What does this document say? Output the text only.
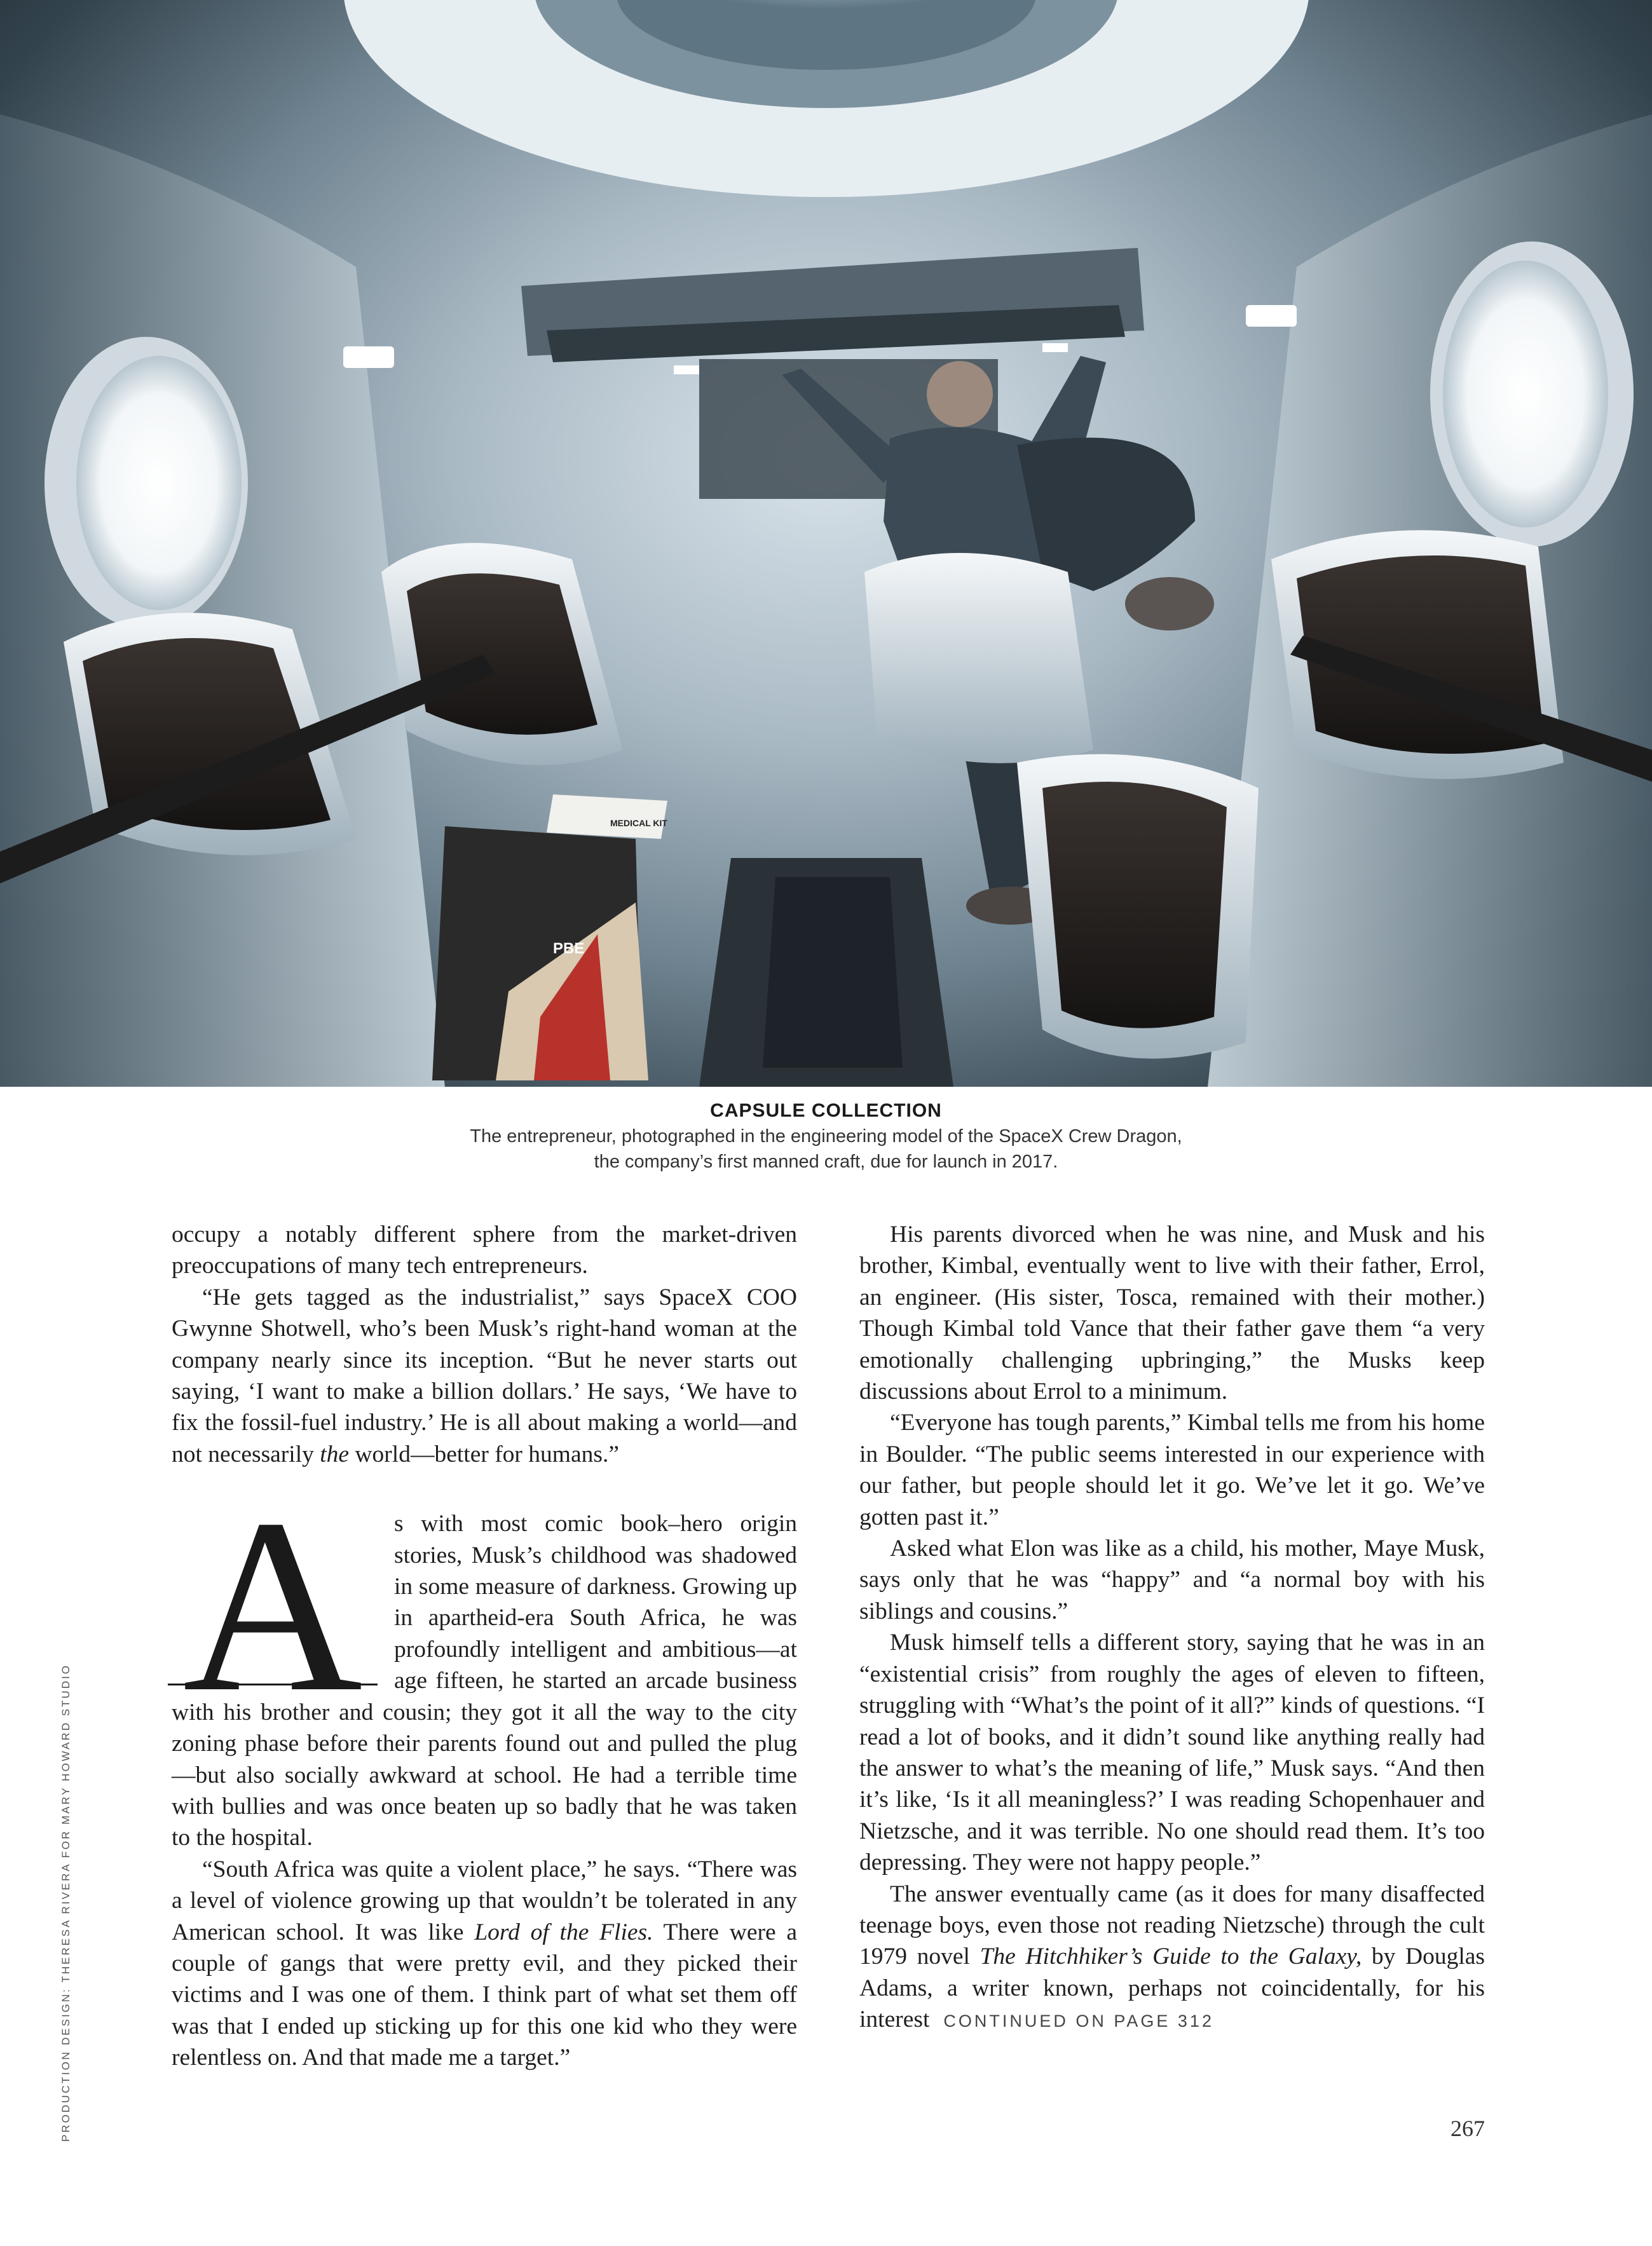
MEDICAL KIT
PBE
CAPSULE COLLECTION
The entrepreneur, photographed in the engineering model of the SpaceX Crew Dragon,
the company’s first manned craft, due for launch in 2017.

occupy a notably different sphere from the market-driven preoccupations of many tech entrepreneurs.

“He gets tagged as the industrialist,” says SpaceX COO Gwynne Shotwell, who’s been Musk’s right-hand woman at the company nearly since its inception. “But he never starts out saying, ‘I want to make a billion dollars.’ He says, ‘We have to fix the fossil-fuel industry.’ He is all about making a world—and not necessarily the world—better for humans.”

A	s with most comic book–hero origin stories, Musk’s childhood was shadowed in some measure of darkness. Growing up in apartheid-era South Africa, he was profoundly intelligent and ambitious—at age fifteen, he started an arcade business with his brother and cousin; they got it all the way to the city zoning phase before their parents found out and pulled the plug—but also socially awkward at school. He had a terrible time with bullies and was once beaten up so badly that he was taken to the hospital.

“South Africa was quite a violent place,” he says. “There was a level of violence growing up that wouldn’t be tolerated in any American school. It was like Lord of the Flies. There were a couple of gangs that were pretty evil, and they picked their victims and I was one of them. I think part of what set them off was that I ended up sticking up for this one kid who they were relentless on. And that made me a target.”

His parents divorced when he was nine, and Musk and his brother, Kimbal, eventually went to live with their father, Errol, an engineer. (His sister, Tosca, remained with their mother.) Though Kimbal told Vance that their father gave them “a very emotionally challenging upbringing,” the Musks keep discussions about Errol to a minimum.

“Everyone has tough parents,” Kimbal tells me from his home in Boulder. “The public seems interested in our experience with our father, but people should let it go. We’ve let it go. We’ve gotten past it.”

Asked what Elon was like as a child, his mother, Maye Musk, says only that he was “happy” and “a normal boy with his siblings and cousins.”

Musk himself tells a different story, saying that he was in an “existential crisis” from roughly the ages of eleven to fifteen, struggling with “What’s the point of it all?” kinds of questions. “I read a lot of books, and it didn’t sound like anything really had the answer to what’s the meaning of life,” Musk says. “And then it’s like, ‘Is it all meaningless?’ I was reading Schopenhauer and Nietzsche, and it was terrible. No one should read them. It’s too depressing. They were not happy people.”

The answer eventually came (as it does for many disaffected teenage boys, even those not reading Nietzsche) through the cult 1979 novel The Hitchhiker’s Guide to the Galaxy, by Douglas Adams, a writer known, perhaps not coincidentally, for his interest CONTINUED ON PAGE 312

PRODUCTION DESIGN: THERESA RIVERA FOR MARY HOWARD STUDIO	267
